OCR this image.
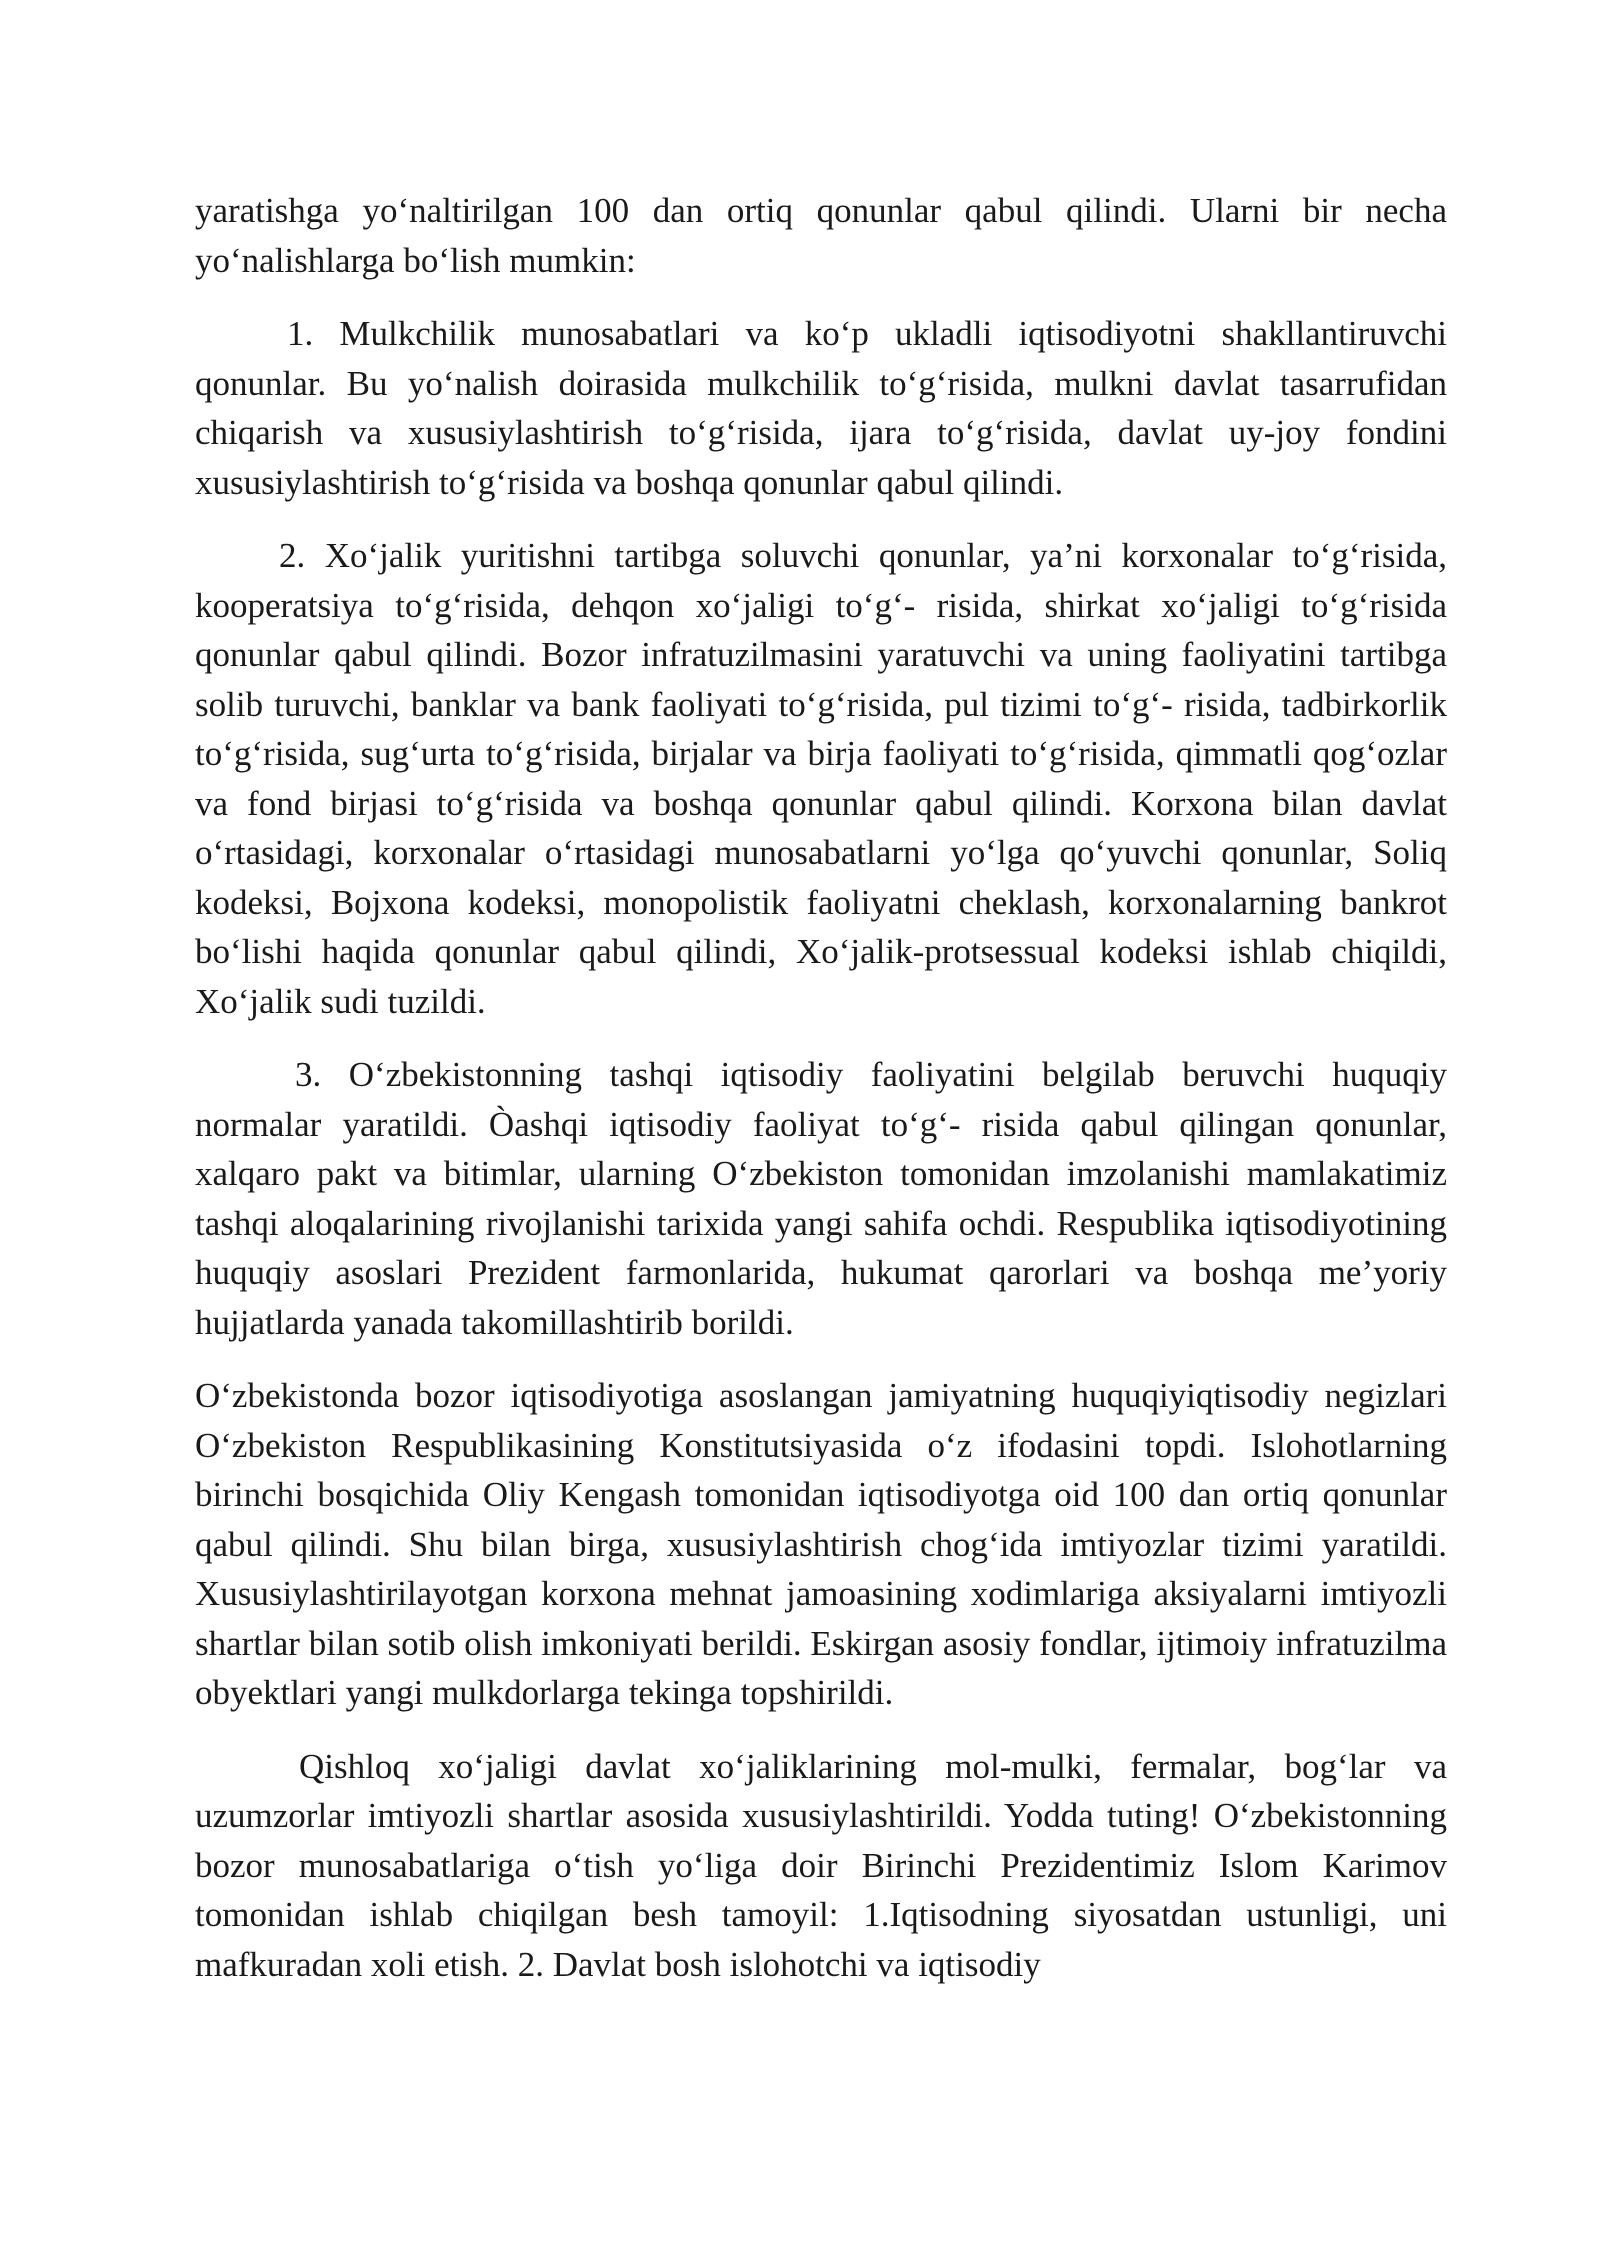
yaratishga yo‘naltirilgan 100 dan ortiq qonunlar qabul qilindi. Ularni bir necha yo‘nalishlarga bo‘lish mumkin:

1. Mulkchilik munosabatlari va ko‘p ukladli iqtisodiyotni shakllantiruvchi qonunlar. Bu yo‘nalish doirasida mulkchilik to‘g‘risida, mulkni davlat tasarrufidan chiqarish va xususiylashtirish to‘g‘risida, ijara to‘g‘risida, davlat uy-joy fondini xususiylashtirish to‘g‘risida va boshqa qonunlar qabul qilindi.

2. Xo‘jalik yuritishni tartibga soluvchi qonunlar, ya’ni korxonalar to‘g‘risida, kooperatsiya to‘g‘risida, dehqon xo‘jaligi to‘g‘- risida, shirkat xo‘jaligi to‘g‘risida qonunlar qabul qilindi. Bozor infratuzilmasini yaratuvchi va uning faoliyatini tartibga solib turuvchi, banklar va bank faoliyati to‘g‘risida, pul tizimi to‘g‘- risida, tadbirkorlik to‘g‘risida, sug‘urta to‘g‘risida, birjalar va birja faoliyati to‘g‘risida, qimmatli qog‘ozlar va fond birjasi to‘g‘risida va boshqa qonunlar qabul qilindi. Korxona bilan davlat o‘rtasidagi, korxonalar o‘rtasidagi munosabatlarni yo‘lga qo‘yuvchi qonunlar, Soliq kodeksi, Bojxona kodeksi, monopolistik faoliyatni cheklash, korxonalarning bankrot bo‘lishi haqida qonunlar qabul qilindi, Xo‘jalik-protsessual kodeksi ishlab chiqildi, Xo‘jalik sudi tuzildi.

3. O‘zbekistonning tashqi iqtisodiy faoliyatini belgilab beruvchi huquqiy normalar yaratildi. Òashqi iqtisodiy faoliyat to‘g‘- risida qabul qilingan qonunlar, xalqaro pakt va bitimlar, ularning O‘zbekiston tomonidan imzolanishi mamlakatimiz tashqi aloqalarining rivojlanishi tarixida yangi sahifa ochdi. Respublika iqtisodiyotining huquqiy asoslari Prezident farmonlarida, hukumat qarorlari va boshqa me’yoriy hujjatlarda yanada takomillashtirib borildi.

O‘zbekistonda bozor iqtisodiyotiga asoslangan jamiyatning huquqiyiqtisodiy negizlari O‘zbekiston Respublikasining Konstitutsiyasida o‘z ifodasini topdi. Islohotlarning birinchi bosqichida Oliy Kengash tomonidan iqtisodiyotga oid 100 dan ortiq qonunlar qabul qilindi. Shu bilan birga, xususiylashtirish chog‘ida imtiyozlar tizimi yaratildi. Xususiylashtirilayotgan korxona mehnat jamoasining xodimlariga aksiyalarni imtiyozli shartlar bilan sotib olish imkoniyati berildi. Eskirgan asosiy fondlar, ijtimoiy infratuzilma obyektlari yangi mulkdorlarga tekinga topshirildi.

Qishloq xo‘jaligi davlat xo‘jaliklarining mol-mulki, fermalar, bog‘lar va uzumzorlar imtiyozli shartlar asosida xususiylashtirildi. Yodda tuting! O‘zbekistonning bozor munosabatlariga o‘tish yo‘liga doir Birinchi Prezidentimiz Islom Karimov tomonidan ishlab chiqilgan besh tamoyil: 1.Iqtisodning siyosatdan ustunligi, uni mafkuradan xoli etish. 2. Davlat bosh islohotchi va iqtisodiy
